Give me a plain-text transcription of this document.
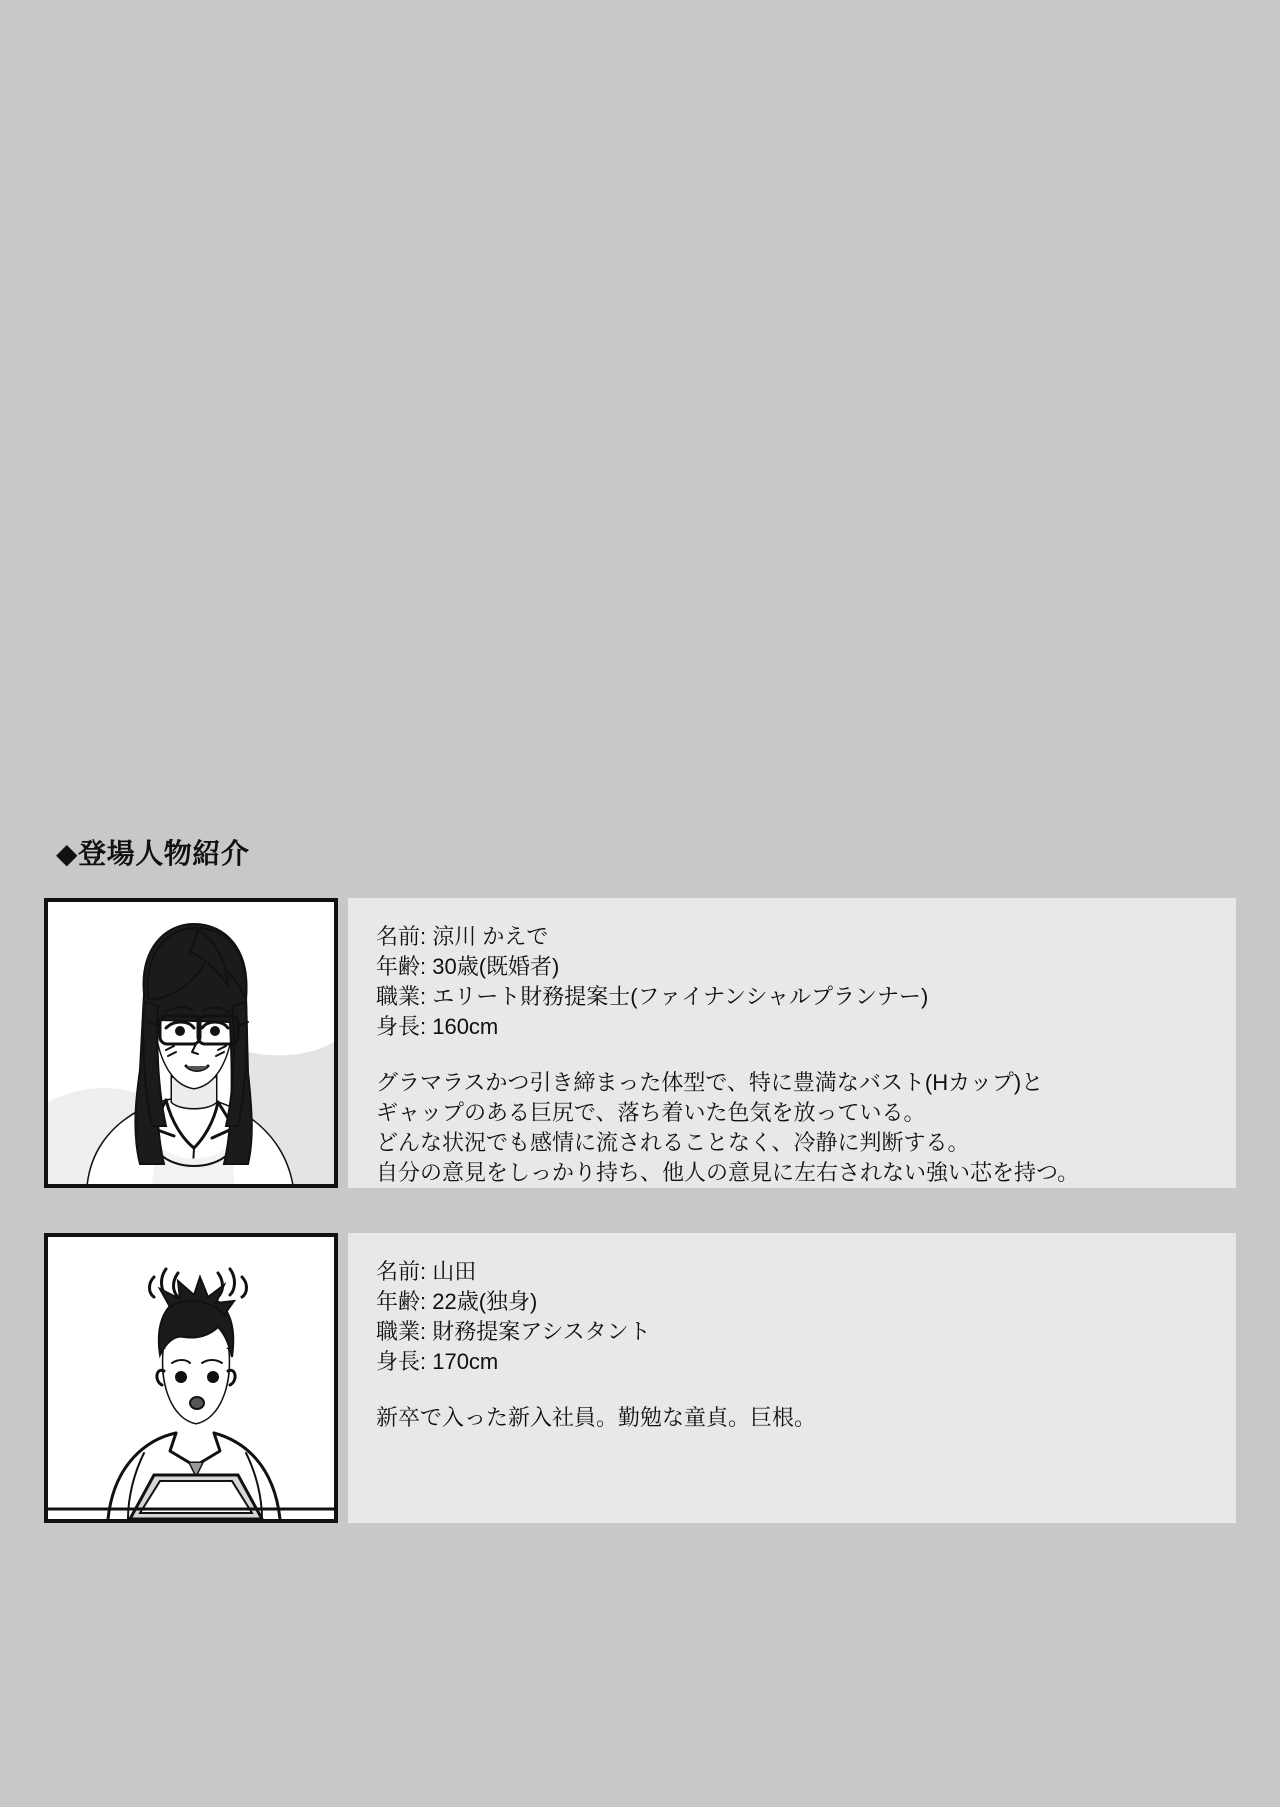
◆登場人物紹介
名前: 涼川 かえで
年齢: 30歳(既婚者)
職業: エリート財務提案士(ファイナンシャルプランナー)
身長: 160cm
グラマラスかつ引き締まった体型で、特に豊満なバスト(Hカップ)と
ギャップのある巨尻で、落ち着いた色気を放っている。
どんな状況でも感情に流されることなく、冷静に判断する。
自分の意見をしっかり持ち、他人の意見に左右されない強い芯を持つ。
名前: 山田
年齢: 22歳(独身)
職業: 財務提案アシスタント
身長: 170cm
新卒で入った新入社員。勤勉な童貞。巨根。
